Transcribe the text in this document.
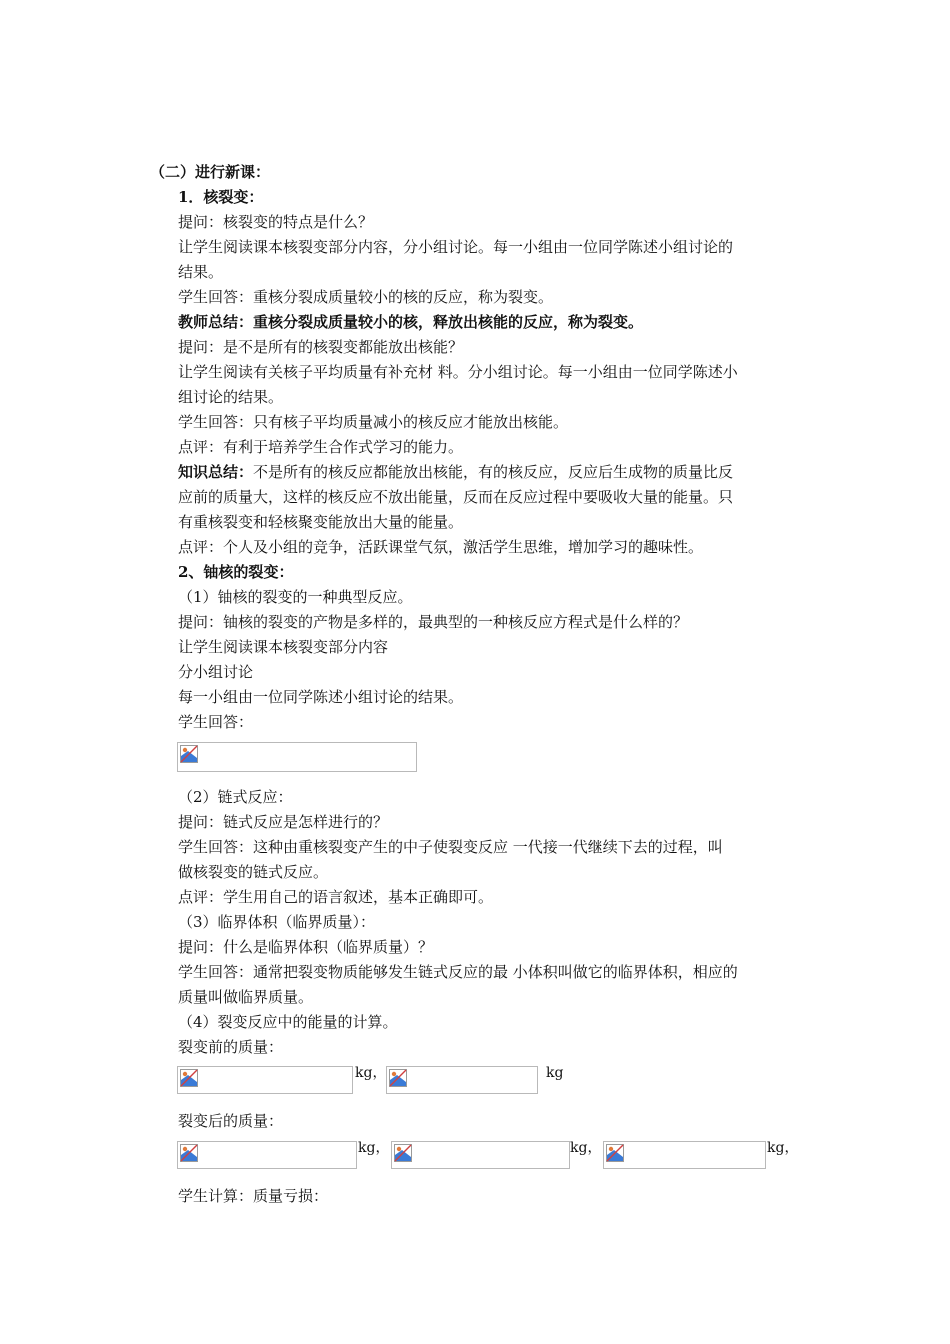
（二）进行新课：
1．核裂变：
提问：核裂变的特点是什么？
让学生阅读课本核裂变部分内容，分小组讨论。每一小组由一位同学陈述小组讨论的
结果。
学生回答：重核分裂成质量较小的核的反应，称为裂变。
教师总结：重核分裂成质量较小的核，释放出核能的反应，称为裂变。
提问：是不是所有的核裂变都能放出核能？
让学生阅读有关核子平均质量有补充材 料。分小组讨论。每一小组由一位同学陈述小
组讨论的结果。
学生回答：只有核子平均质量减小的核反应才能放出核能。
点评：有利于培养学生合作式学习的能力。
知识总结：不是所有的核反应都能放出核能，有的核反应，反应后生成物的质量比反
应前的质量大，这样的核反应不放出能量，反而在反应过程中要吸收大量的能量。只
有重核裂变和轻核聚变能放出大量的能量。
点评：个人及小组的竞争，活跃课堂气氛，激活学生思维，增加学习的趣味性。
2、铀核的裂变：
（1）铀核的裂变的一种典型反应。
提问：铀核的裂变的产物是多样的，最典型的一种核反应方程式是什么样的？
让学生阅读课本核裂变部分内容
分小组讨论
每一小组由一位同学陈述小组讨论的结果。
学生回答：
（2）链式反应：
提问：链式反应是怎样进行的？
学生回答：这种由重核裂变产生的中子使裂变反应 一代接一代继续下去的过程，叫
做核裂变的链式反应。
点评：学生用自己的语言叙述，基本正确即可。
（3）临界体积（临界质量）：
提问：什么是临界体积（临界质量）？
学生回答：通常把裂变物质能够发生链式反应的最 小体积叫做它的临界体积，相应的
质量叫做临界质量。
（4）裂变反应中的能量的计算。
裂变前的质量：
kg，	kg
裂变后的质量：
kg，	kg，	kg，
学生计算：质量亏损：
